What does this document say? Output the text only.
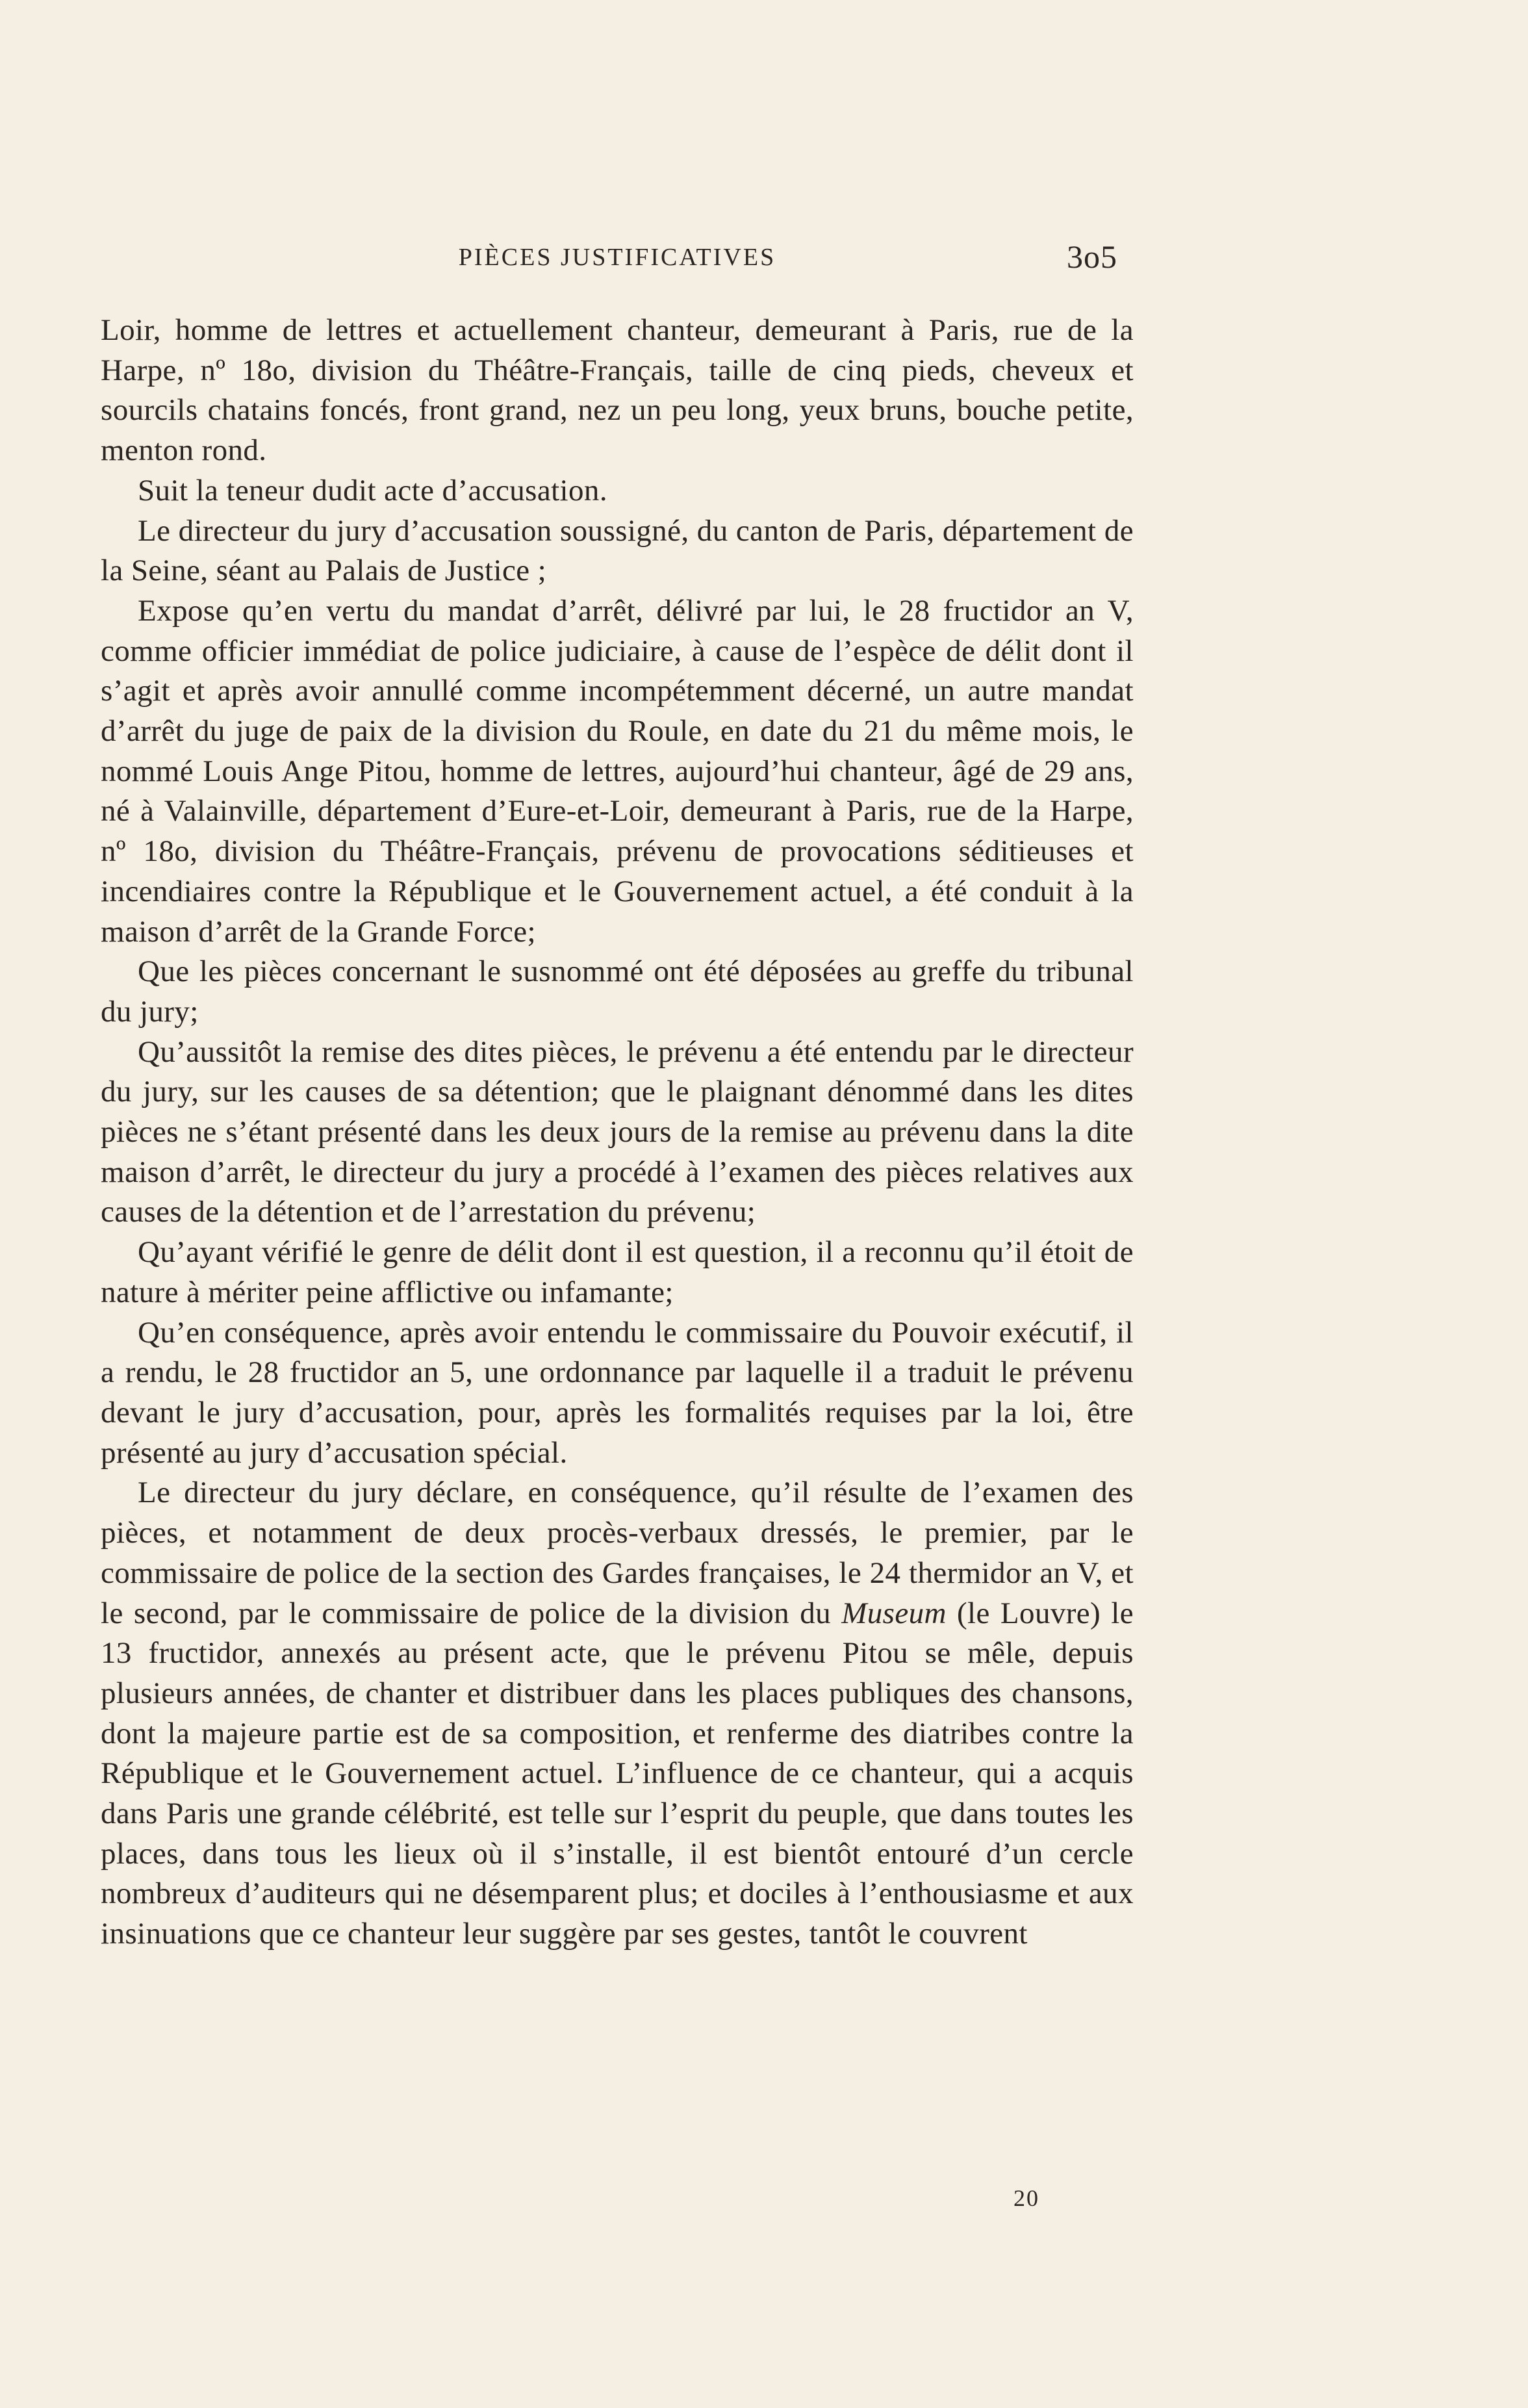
PIÈCES JUSTIFICATIVES	3o5

Loir, homme de lettres et actuellement chanteur, demeurant à Paris, rue de la Harpe, nº 18o, division du Théâtre-Français, taille de cinq pieds, cheveux et sourcils chatains foncés, front grand, nez un peu long, yeux bruns, bouche petite, menton rond.

Suit la teneur dudit acte d’accusation.

Le directeur du jury d’accusation soussigné, du canton de Paris, département de la Seine, séant au Palais de Justice ;

Expose qu’en vertu du mandat d’arrêt, délivré par lui, le 28 fructidor an V, comme officier immédiat de police judiciaire, à cause de l’espèce de délit dont il s’agit et après avoir annullé comme incompétemment décerné, un autre mandat d’arrêt du juge de paix de la division du Roule, en date du 21 du même mois, le nommé Louis Ange Pitou, homme de lettres, aujourd’hui chanteur, âgé de 29 ans, né à Valainville, département d’Eure-et-Loir, demeurant à Paris, rue de la Harpe, nº 18o, division du Théâtre-Français, prévenu de provocations séditieuses et incendiaires contre la République et le Gouvernement actuel, a été conduit à la maison d’arrêt de la Grande Force;

Que les pièces concernant le susnommé ont été déposées au greffe du tribunal du jury;

Qu’aussitôt la remise des dites pièces, le prévenu a été entendu par le directeur du jury, sur les causes de sa détention; que le plaignant dénommé dans les dites pièces ne s’étant présenté dans les deux jours de la remise au prévenu dans la dite maison d’arrêt, le directeur du jury a procédé à l’examen des pièces relatives aux causes de la détention et de l’arrestation du prévenu;

Qu’ayant vérifié le genre de délit dont il est question, il a reconnu qu’il étoit de nature à mériter peine afflictive ou infamante;

Qu’en conséquence, après avoir entendu le commissaire du Pouvoir exécutif, il a rendu, le 28 fructidor an 5, une ordonnance par laquelle il a traduit le prévenu devant le jury d’accusation, pour, après les formalités requises par la loi, être présenté au jury d’accusation spécial.

Le directeur du jury déclare, en conséquence, qu’il résulte de l’examen des pièces, et notamment de deux procès-verbaux dressés, le premier, par le commissaire de police de la section des Gardes françaises, le 24 thermidor an V, et le second, par le commissaire de police de la division du Museum (le Louvre) le 13 fructidor, annexés au présent acte, que le prévenu Pitou se mêle, depuis plusieurs années, de chanter et distribuer dans les places publiques des chansons, dont la majeure partie est de sa composition, et renferme des diatribes contre la République et le Gouvernement actuel. L’influence de ce chanteur, qui a acquis dans Paris une grande célébrité, est telle sur l’esprit du peuple, que dans toutes les places, dans tous les lieux où il s’installe, il est bientôt entouré d’un cercle nombreux d’auditeurs qui ne désemparent plus; et dociles à l’enthousiasme et aux insinuations que ce chanteur leur suggère par ses gestes, tantôt le couvrent

20
